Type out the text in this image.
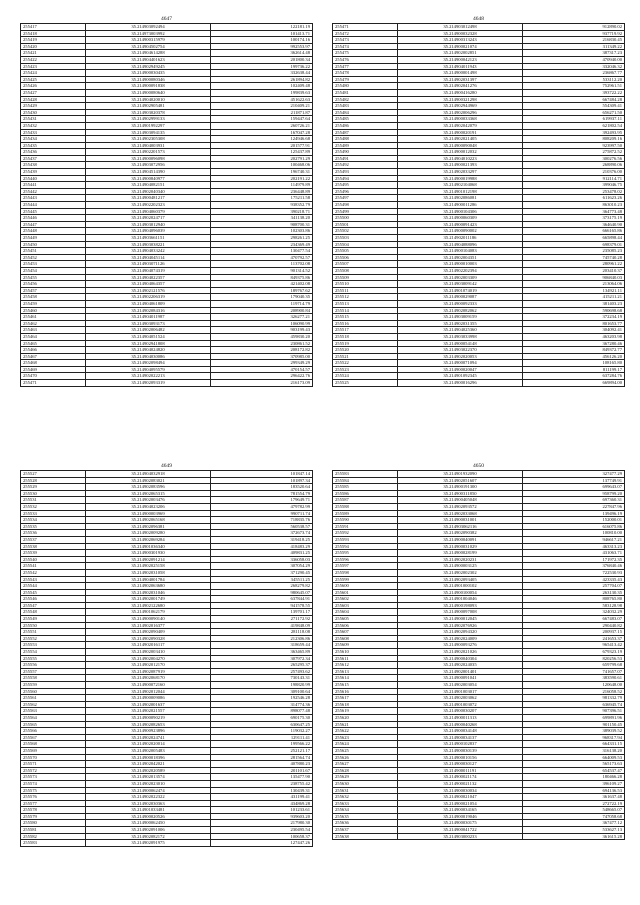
4647
255417	35.214903092494	122181.19
255418	35.214973003992	101413.71
255419	35.214900315979	100174.16
255420	35.214904502754	992553.97
255421	35.214904614288	362614.48
255422	35.214904401623	201800.34
255423	35.214902949245	199736.22
255424	35.214900030435	332638.44
255425	35.214900080346	261894.82
255426	35.214900091838	102409.48
255427	35.214900080640	199839.63
255428	35.214904020010	451622.63
255429	35.214902905481	210409.21
255430	35.214903020378	211871.87
255431	35.214902999133	159447.64
255432	35.214901992297	260726.21
255433	35.214903094135	167047.28
255434	35.214902305308	124946.68
255435	35.214904003931	201577.91
255436	35.214902201573	125437.89
255437	35.214900096098	202791.29
255438	35.214903072956	100468.06
255439	35.214904514390	196740.31
255440	35.214900840977	202191.22
255441	35.214904082151	114979.89
255442	35.214902040340	236448.89
255443	35.214900481217	175211.58
255444	35.214902202323	938352.79
255445	35.214904060379	390218.71
255446	35.214902024717	341138.20
255447	35.214903012940	908700.31
255448	35.214904096039	102303.86
255449	35.214903661151	298261.25
255450	35.214903038221	234369.49
255451	35.214904033242	130477.54
255452	35.214904045114	470792.57
255453	35.214903071126	113702.08
255454	35.214904074319	901314.52
255455	35.214904022357	849375.86
255456	35.214904064357	421402.08
255457	35.214902121576	189767.62
255458	35.214902206319	179040.35
255459	35.214904061809	119714.79
255460	35.214902084316	208900.84
255461	35.214904011987	326277.21
255462	35.214903093173	106090.99
255463	35.214902006482	903199.43
255464	35.214904051524	459830.20
255465	35.214902941808	230861.52
255466	35.214904024820	208172.82
255467	35.214904030086	370985.00
255468	35.214902098494	299349.29
255469	35.214904095579	470154.57
255470	35.214902022213	296422.76
255471	35.214902093319	216173.09
4648
255471	35.214903012498	912890.02
255472	35.214900032328	937719.92
255473	35.214900313243	216830.45
255474	35.214900021074	311349.22
255475	35.214902002851	387317.23
255476	35.214900042123	470940.00
255477	35.214904011943	332046.32
255478	35.214900001498	236867.77
255479	35.214902031397	533112.20
255480	35.214902041276	752961.51
255481	35.214900416280	393722.22
255482	35.214900321298	667484.28
255483	35.214902944969	554309.41
255484	35.214902006296	656271.50
255485	35.214900033368	619937.11
255486	35.214902042079	621802.54
255487	35.214900020191	392493.95
255488	35.214902021405	808209.16
255489	35.214900090048	923997.50
255490	35.214900012032	275872.52
255491	35.214904010223	300276.56
255492	35.214900021393	268890.06
255493	35.214902033297	210376.00
255494	35.214900019988	912114.71
255495	35.214902104068	399046.75
255496	35.214901012198	253478.02
255497	35.214902086081	611623.26
255498	35.214900011286	863010.23
255499	35.214900104306	364773.48
255500	35.214900060309	373175.19
255501	35.214900091423	364640.90
255502	35.214900090002	666165.86
255503	35.214902011186	665898.44
255504	35.214904088096	698379.01
255505	35.214900104083	235085.23
255506	35.214902004351	745740.28
255507	35.214900010003	280961.22
255508	35.214902202394	203410.37
255509	35.214902003309	906840.03
255510	35.214903009142	213064.06
255511	35.214901074019	134921.11
255512	35.214900029087	415211.21
255513	35.214900092333	381403.23
255514	35.214902082062	590698.68
255515	35.214903009159	372234.19
255516	35.214902031355	801653.77
255517	35.214904025360	304092.41
255518	35.214903033998	463203.98
255519	35.214900054148	367280.46
255520	35.214903022370	849372.77
255521	35.214902020053	456126.20
255522	35.214900071094	108165.80
255523	35.214900020047	811199.17
255524	35.214901092345	637284.76
255525	35.214900016296	669894.00
4649
255527	35.214904032918	101847.14
255528	35.214902083021	101897.34
255529	35.214902083596	183520.64
255530	35.214902065315	781554.79
255531	35.214902003476	179649.71
255532	35.214904023206	479782.99
255533	35.214900003969	990711.74
255534	35.214902065168	718835.76
255535	35.214902096381	560538.57
255536	35.214902009280	372673.74
255537	35.214902069284	319418.25
255538	35.214901036340	418483.29
255539	35.214900301930	409831.25
255540	35.214902091214	336058.03
255541	35.214902025158	307054.29
255542	35.214902031058	371290.45
255543	35.214904001784	345511.25
255544	35.214902063680	268279.82
255545	35.214902031046	980645.07
255546	35.214902001749	637844.91
255547	35.214902122680	941578.55
255548	35.214901062179	139701.17
255549	35.214900090140	271172.92
255550	35.214902016377	419848.09
255551	35.214902090409	281118.08
255552	35.214902090328	212306.86
255553	35.214902016117	318659.44
255554	35.214902003410	363465.89
255555	35.214902004270	307972.34
255556	35.214902012170	265295.37
255557	35.214902087919	257493.62
255558	35.214902068170	730143.31
255559	35.214900072160	198820.99
255560	35.214902012044	309100.64
255561	35.214900009086	192546.28
255562	35.214902001637	314774.36
255563	35.214902021557	898077.48
255564	35.214900090219	690175.30
255565	35.214902082653	630647.25
255566	35.214900923896	119032.27
255567	35.214902024741	129111.41
255568	35.214902020014	199566.22
255569	35.214902005483	252121.17
255570	35.214900018396	281564.74
255571	35.214902042021	407880.23
255572	35.214902020589	201101.67
255573	35.214902013574	135477.90
255574	35.214902023010	238755.42
255575	35.214900062474	130439.31
255576	35.214902022322	431199.41
255577	35.214902030363	434869.28
255578	35.214901033481	101233.61
255579	35.214900020526	939603.20
255580	35.214900062450	217980.30
255581	35.214902091006	230495.54
255582	35.214902082172	100658.37
255583	35.214902091975	127447.26
4650
255583	35.214901932090	327477.29
255584	35.214902051607	137749.91
255585	35.214900191300	699643.07
255586	35.214900311850	958799.20
255587	35.214900405048	697360.31
255588	35.214902093572	227847.96
255589	35.214902033068	139496.19
255590	35.214900031001	152000.01
255591	35.214903062116	616075.86
255592	35.214902090382	100810.00
255593	35.214900040091	946617.21
255594	35.214900031029	463313.23
255595	35.214900028199	431063.71
255596	35.214902020231	171972.35
255597	35.214900003125	376840.46
255598	35.214902002302	722530.93
255599	35.214902093405	423335.43
255600	35.214901000102	257704.07
255601	35.214900100054	263130.35
255602	35.214901004046	808765.80
255603	35.214900198093	583128.98
255604	35.214900097008	324032.29
255605	35.214900012045	667483.07
255606	35.214902076926	290440.82
255607	35.214902094320	200937.15
255608	35.214902024009	241653.37
255609	35.214900093276	965413.42
255610	35.214902021026	679323.19
255611	35.214900040304	820256.53
255612	35.214902024035	659799.68
255613	35.214902001401	741657.07
255614	35.214900091041	383590.61
255615	35.214902003054	120648.00
255616	35.214901003017	216058.52
255617	35.214902003062	981332.79
255618	35.214901003072	636945.74
255619	35.214900030207	907396.51
255620	35.214900011313	699891.96
255621	35.214900040268	901150.45
255622	35.214900034148	389039.52
255623	35.214900034137	968317.94
255624	35.214900102837	664331.15
255625	35.214900030139	316138.20
255626	35.214900010156	664009.53
255627	35.214900030127	565173.63
255628	35.214900011191	654537.47
255629	35.214900021174	180466.28
255630	35.214900021132	396109.27
255631	35.214900030034	694136.53
255632	35.214900021047	361637.48
255633	35.214900021054	272722.19
255634	35.214900034165	548665.07
255635	35.214900019046	747058.68
255636	35.214900030175	367477.12
255637	35.214900041722	533627.13
255638	35.214903000233	361615.28
